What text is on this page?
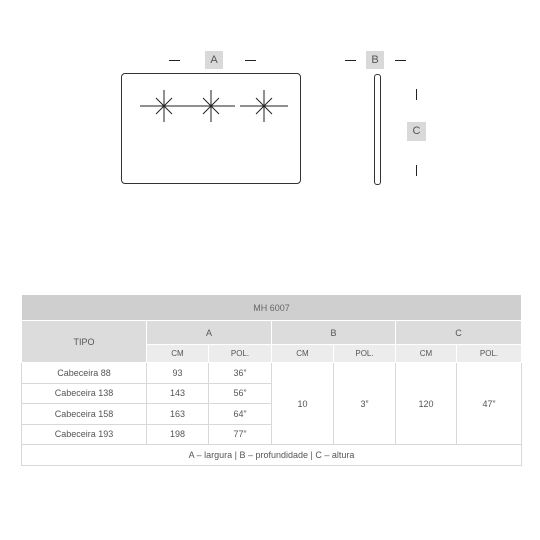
A	B
C
MH 6007						
TIPO	A		B		C	
	CM	POL.	CM	POL.	CM	POL.
Cabeceira 88	93	36”	10	3”	120	47”
Cabeceira 138	143	56”				
Cabeceira 158	163	64”				
Cabeceira 193	198	77”				
A – largura | B – profundidade | C – altura						
